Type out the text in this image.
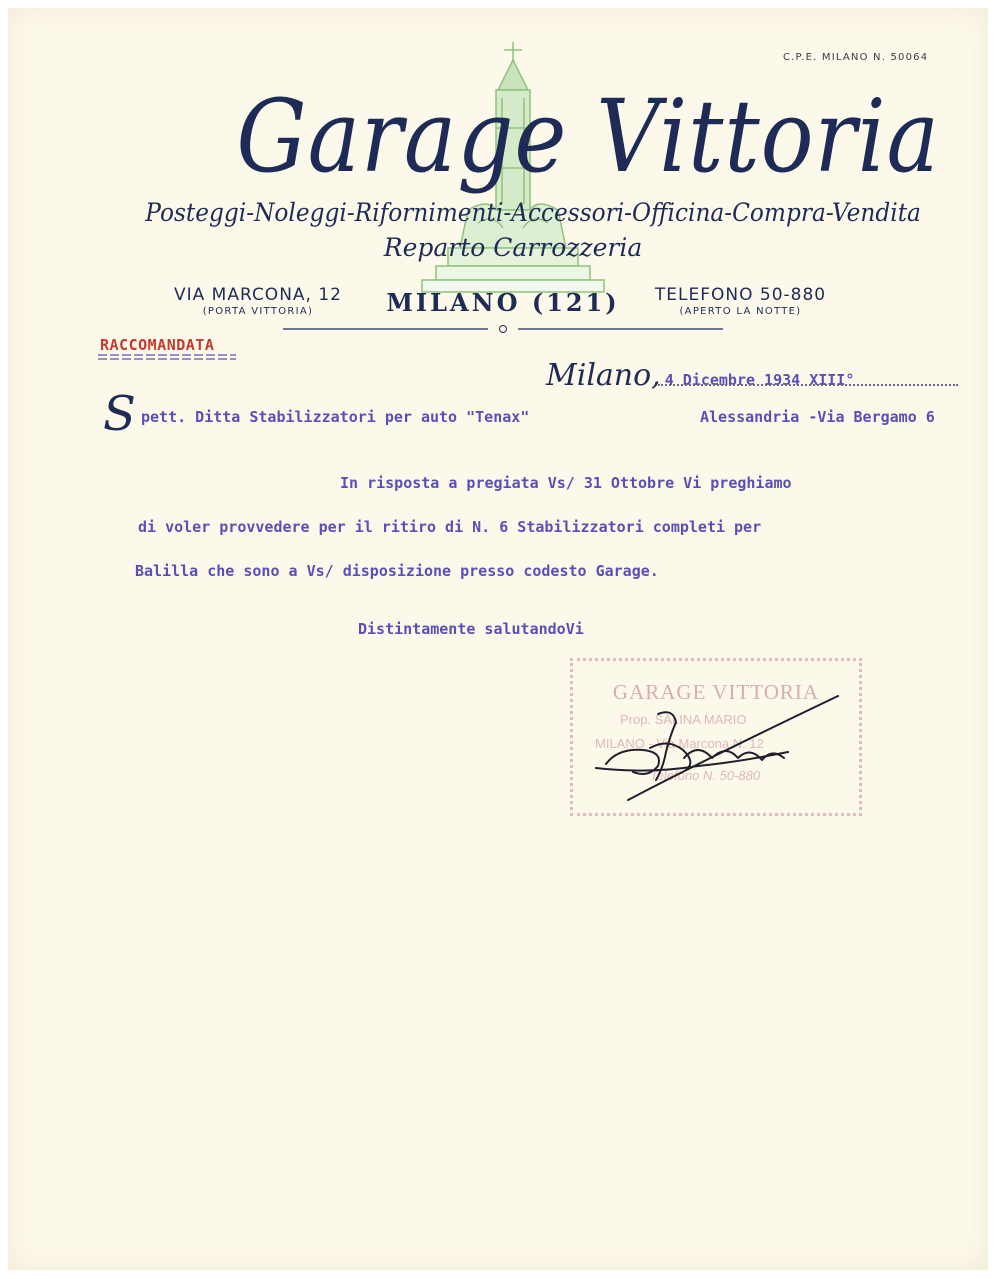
C.P.E. MILANO N. 50064
Garage Vittoria
Posteggi-Noleggi-Rifornimenti-Accessori-Officina-Compra-Vendita
Reparto Carrozzeria
VIA MARCONA, 12
(PORTA VITTORIA)	MILANO (121)	TELEFONO 50-880
(APERTO LA NOTTE)
RACCOMANDATA
Milano, 4 Dicembre 1934 XIII°
S pett. Ditta Stabilizzatori per auto "Tenax"	Alessandria -Via Bergamo 6
In risposta a pregiata Vs/ 31 Ottobre Vi preghiamo
di voler provvedere per il ritiro di N. 6 Stabilizzatori completi per
Balilla che sono a Vs/ disposizione presso codesto Garage.
Distintamente salutandoVi
GARAGE VITTORIA
Prop. SALINA MARIO
MILANO - Via Marcona N. 12
Telefono N. 50-880
